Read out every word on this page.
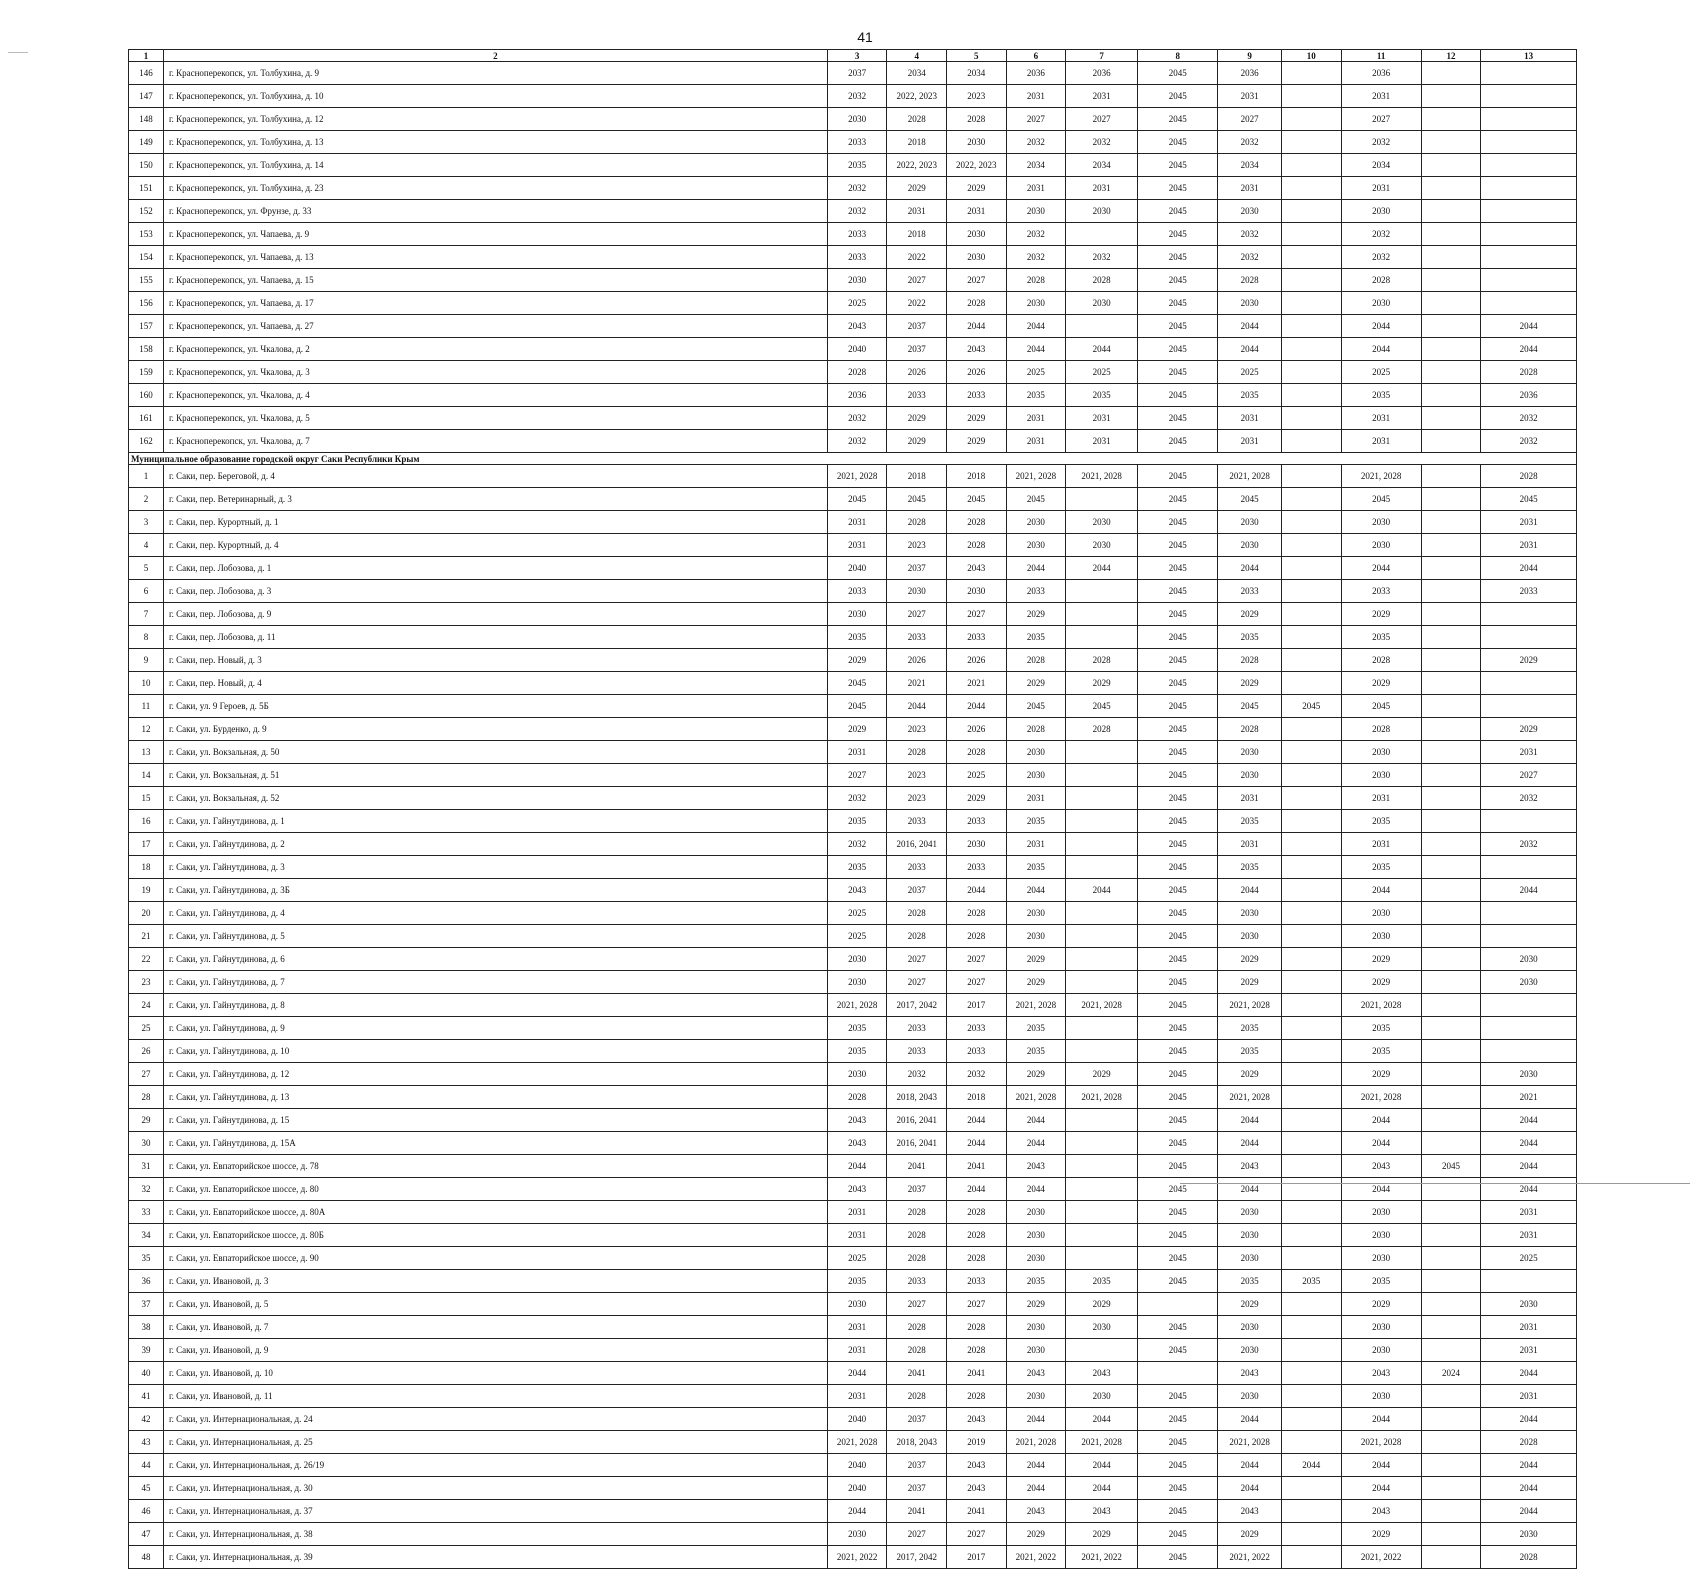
41
1	2	3	4	5	6	7	8	9	10	11	12	13
146	г. Красноперекопск, ул. Толбухина, д. 9	2037	2034	2034	2036	2036	2045	2036		2036		
147	г. Красноперекопск, ул. Толбухина, д. 10	2032	2022, 2023	2023	2031	2031	2045	2031		2031		
148	г. Красноперекопск, ул. Толбухина, д. 12	2030	2028	2028	2027	2027	2045	2027		2027		
149	г. Красноперекопск, ул. Толбухина, д. 13	2033	2018	2030	2032	2032	2045	2032		2032		
150	г. Красноперекопск, ул. Толбухина, д. 14	2035	2022, 2023	2022, 2023	2034	2034	2045	2034		2034		
151	г. Красноперекопск, ул. Толбухина, д. 23	2032	2029	2029	2031	2031	2045	2031		2031		
152	г. Красноперекопск, ул. Фрунзе, д. 33	2032	2031	2031	2030	2030	2045	2030		2030		
153	г. Красноперекопск, ул. Чапаева, д. 9	2033	2018	2030	2032		2045	2032		2032		
154	г. Красноперекопск, ул. Чапаева, д. 13	2033	2022	2030	2032	2032	2045	2032		2032		
155	г. Красноперекопск, ул. Чапаева, д. 15	2030	2027	2027	2028	2028	2045	2028		2028		
156	г. Красноперекопск, ул. Чапаева, д. 17	2025	2022	2028	2030	2030	2045	2030		2030		
157	г. Красноперекопск, ул. Чапаева, д. 27	2043	2037	2044	2044		2045	2044		2044		2044
158	г. Красноперекопск, ул. Чкалова, д. 2	2040	2037	2043	2044	2044	2045	2044		2044		2044
159	г. Красноперекопск, ул. Чкалова, д. 3	2028	2026	2026	2025	2025	2045	2025		2025		2028
160	г. Красноперекопск, ул. Чкалова, д. 4	2036	2033	2033	2035	2035	2045	2035		2035		2036
161	г. Красноперекопск, ул. Чкалова, д. 5	2032	2029	2029	2031	2031	2045	2031		2031		2032
162	г. Красноперекопск, ул. Чкалова, д. 7	2032	2029	2029	2031	2031	2045	2031		2031		2032
Муниципальное образование городской округ Саки Республики Крым												
1	г. Саки, пер. Береговой, д. 4	2021, 2028	2018	2018	2021, 2028	2021, 2028	2045	2021, 2028		2021, 2028		2028
2	г. Саки, пер. Ветеринарный, д. 3	2045	2045	2045	2045		2045	2045		2045		2045
3	г. Саки, пер. Курортный, д. 1	2031	2028	2028	2030	2030	2045	2030		2030		2031
4	г. Саки, пер. Курортный, д. 4	2031	2023	2028	2030	2030	2045	2030		2030		2031
5	г. Саки, пер. Лобозова, д. 1	2040	2037	2043	2044	2044	2045	2044		2044		2044
6	г. Саки, пер. Лобозова, д. 3	2033	2030	2030	2033		2045	2033		2033		2033
7	г. Саки, пер. Лобозова, д. 9	2030	2027	2027	2029		2045	2029		2029		
8	г. Саки, пер. Лобозова, д. 11	2035	2033	2033	2035		2045	2035		2035		
9	г. Саки, пер. Новый, д. 3	2029	2026	2026	2028	2028	2045	2028		2028		2029
10	г. Саки, пер. Новый, д. 4	2045	2021	2021	2029	2029	2045	2029		2029		
11	г. Саки, ул. 9 Героев, д. 5Б	2045	2044	2044	2045	2045	2045	2045	2045	2045		
12	г. Саки, ул. Бурденко, д. 9	2029	2023	2026	2028	2028	2045	2028		2028		2029
13	г. Саки, ул. Вокзальная, д. 50	2031	2028	2028	2030		2045	2030		2030		2031
14	г. Саки, ул. Вокзальная, д. 51	2027	2023	2025	2030		2045	2030		2030		2027
15	г. Саки, ул. Вокзальная, д. 52	2032	2023	2029	2031		2045	2031		2031		2032
16	г. Саки, ул. Гайнутдинова, д. 1	2035	2033	2033	2035		2045	2035		2035		
17	г. Саки, ул. Гайнутдинова, д. 2	2032	2016, 2041	2030	2031		2045	2031		2031		2032
18	г. Саки, ул. Гайнутдинова, д. 3	2035	2033	2033	2035		2045	2035		2035		
19	г. Саки, ул. Гайнутдинова, д. 3Б	2043	2037	2044	2044	2044	2045	2044		2044		2044
20	г. Саки, ул. Гайнутдинова, д. 4	2025	2028	2028	2030		2045	2030		2030		
21	г. Саки, ул. Гайнутдинова, д. 5	2025	2028	2028	2030		2045	2030		2030		
22	г. Саки, ул. Гайнутдинова, д. 6	2030	2027	2027	2029		2045	2029		2029		2030
23	г. Саки, ул. Гайнутдинова, д. 7	2030	2027	2027	2029		2045	2029		2029		2030
24	г. Саки, ул. Гайнутдинова, д. 8	2021, 2028	2017, 2042	2017	2021, 2028	2021, 2028	2045	2021, 2028		2021, 2028		
25	г. Саки, ул. Гайнутдинова, д. 9	2035	2033	2033	2035		2045	2035		2035		
26	г. Саки, ул. Гайнутдинова, д. 10	2035	2033	2033	2035		2045	2035		2035		
27	г. Саки, ул. Гайнутдинова, д. 12	2030	2032	2032	2029	2029	2045	2029		2029		2030
28	г. Саки, ул. Гайнутдинова, д. 13	2028	2018, 2043	2018	2021, 2028	2021, 2028	2045	2021, 2028		2021, 2028		2021
29	г. Саки, ул. Гайнутдинова, д. 15	2043	2016, 2041	2044	2044		2045	2044		2044		2044
30	г. Саки, ул. Гайнутдинова, д. 15А	2043	2016, 2041	2044	2044		2045	2044		2044		2044
31	г. Саки, ул. Евпаторийское шоссе, д. 78	2044	2041	2041	2043		2045	2043		2043	2045	2044
32	г. Саки, ул. Евпаторийское шоссе, д. 80	2043	2037	2044	2044		2045	2044		2044		2044
33	г. Саки, ул. Евпаторийское шоссе, д. 80А	2031	2028	2028	2030		2045	2030		2030		2031
34	г. Саки, ул. Евпаторийское шоссе, д. 80Б	2031	2028	2028	2030		2045	2030		2030		2031
35	г. Саки, ул. Евпаторийское шоссе, д. 90	2025	2028	2028	2030		2045	2030		2030		2025
36	г. Саки, ул. Ивановой, д. 3	2035	2033	2033	2035	2035	2045	2035	2035	2035		
37	г. Саки, ул. Ивановой, д. 5	2030	2027	2027	2029	2029		2029		2029		2030
38	г. Саки, ул. Ивановой, д. 7	2031	2028	2028	2030	2030	2045	2030		2030		2031
39	г. Саки, ул. Ивановой, д. 9	2031	2028	2028	2030		2045	2030		2030		2031
40	г. Саки, ул. Ивановой, д. 10	2044	2041	2041	2043	2043		2043		2043	2024	2044
41	г. Саки, ул. Ивановой, д. 11	2031	2028	2028	2030	2030	2045	2030		2030		2031
42	г. Саки, ул. Интернациональная, д. 24	2040	2037	2043	2044	2044	2045	2044		2044		2044
43	г. Саки, ул. Интернациональная, д. 25	2021, 2028	2018, 2043	2019	2021, 2028	2021, 2028	2045	2021, 2028		2021, 2028		2028
44	г. Саки, ул. Интернациональная, д. 26/19	2040	2037	2043	2044	2044	2045	2044	2044	2044		2044
45	г. Саки, ул. Интернациональная, д. 30	2040	2037	2043	2044	2044	2045	2044		2044		2044
46	г. Саки, ул. Интернациональная, д. 37	2044	2041	2041	2043	2043	2045	2043		2043		2044
47	г. Саки, ул. Интернациональная, д. 38	2030	2027	2027	2029	2029	2045	2029		2029		2030
48	г. Саки, ул. Интернациональная, д. 39	2021, 2022	2017, 2042	2017	2021, 2022	2021, 2022	2045	2021, 2022		2021, 2022		2028
